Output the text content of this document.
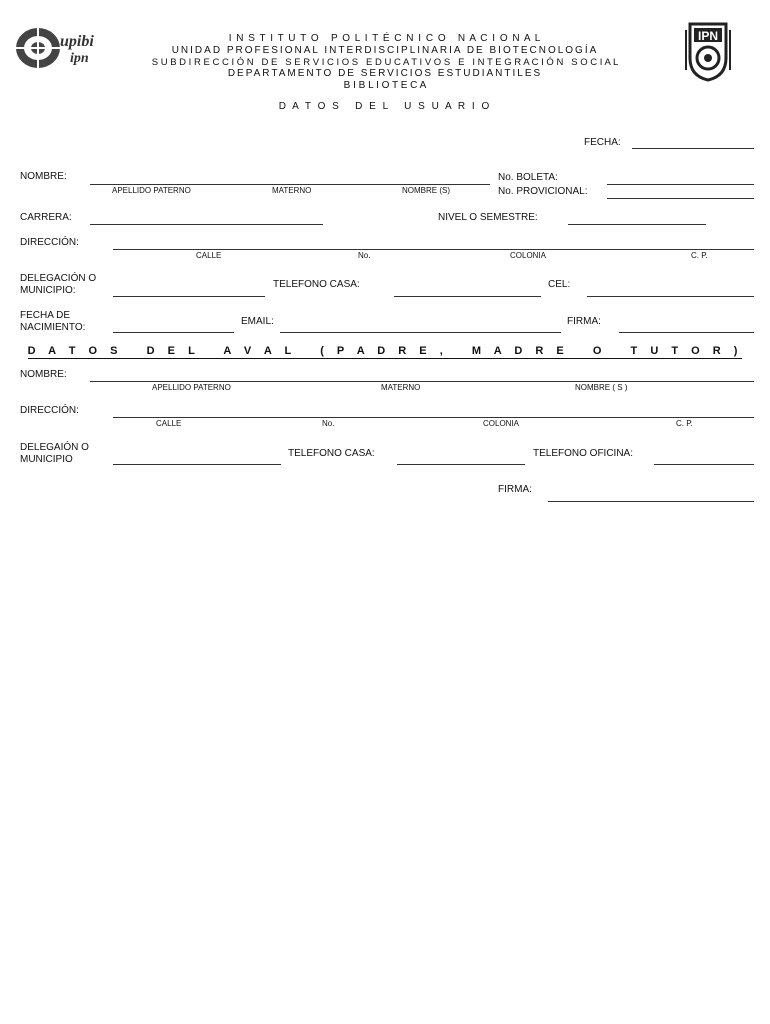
upibi
ipn
IPN
I N S T I T U T O   P O L I T É C N I C O   N A C I O N A L
UNIDAD PROFESIONAL INTERDISCIPLINARIA DE BIOTECNOLOGÍA
S U B D I R E C C I Ó N   D E   S E R V I C I O S   E D U C A T I V O S   E   I N T E G R A C I Ó N   S O C I A L
DEPARTAMENTO DE SERVICIOS ESTUDIANTILES
B I B L I O T E C A
D A T O S   D E L   U S U A R I O
FECHA:
NOMBRE:
APELLIDO PATERNO	MATERNO	NOMBRE (S)
No. BOLETA:
No. PROVICIONAL:
CARRERA:	NIVEL O SEMESTRE:
DIRECCIÓN:
CALLE	No.	COLONIA	C. P.
DELEGACIÓN O
MUNICIPIO:
TELEFONO CASA:	CEL:
FECHA DE
NACIMIENTO:
EMAIL:	FIRMA:
D A T O S   D E L   A V A L   ( P A D R E ,   M A D R E   O   T U T O R )
NOMBRE:
APELLIDO PATERNO	MATERNO	NOMBRE ( S )
DIRECCIÓN:
CALLE	No.	COLONIA	C. P.
DELEGAIÓN O
MUNICIPIO
TELEFONO CASA:	TELEFONO OFICINA:
FIRMA:
